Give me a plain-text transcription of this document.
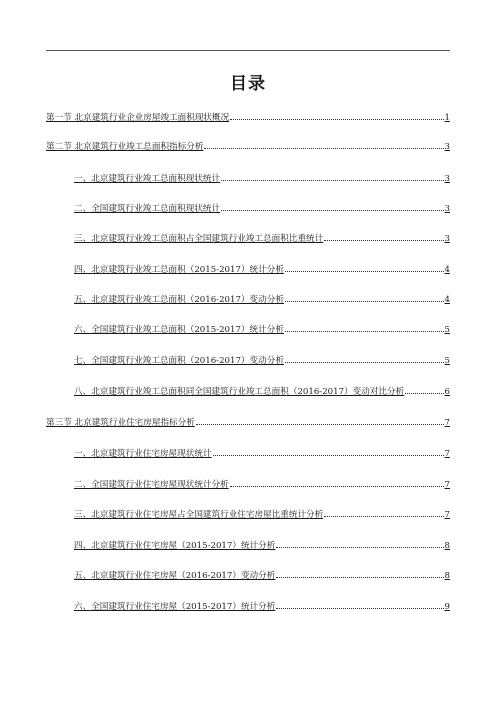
目录
第一节 北京建筑行业企业房屋竣工面积现状概况	1
第二节 北京建筑行业竣工总面积指标分析	3
一、北京建筑行业竣工总面积现状统计	3
二、全国建筑行业竣工总面积现状统计	3
三、北京建筑行业竣工总面积占全国建筑行业竣工总面积比重统计	3
四、北京建筑行业竣工总面积（2015-2017）统计分析	4
五、北京建筑行业竣工总面积（2016-2017）变动分析	4
六、全国建筑行业竣工总面积（2015-2017）统计分析	5
七、全国建筑行业竣工总面积（2016-2017）变动分析	5
八、北京建筑行业竣工总面积同全国建筑行业竣工总面积（2016-2017）变动对比分析	6
第三节 北京建筑行业住宅房屋指标分析	7
一、北京建筑行业住宅房屋现状统计	7
二、全国建筑行业住宅房屋现状统计分析	7
三、北京建筑行业住宅房屋占全国建筑行业住宅房屋比重统计分析	7
四、北京建筑行业住宅房屋（2015-2017）统计分析	8
五、北京建筑行业住宅房屋（2016-2017）变动分析	8
六、全国建筑行业住宅房屋（2015-2017）统计分析	9
